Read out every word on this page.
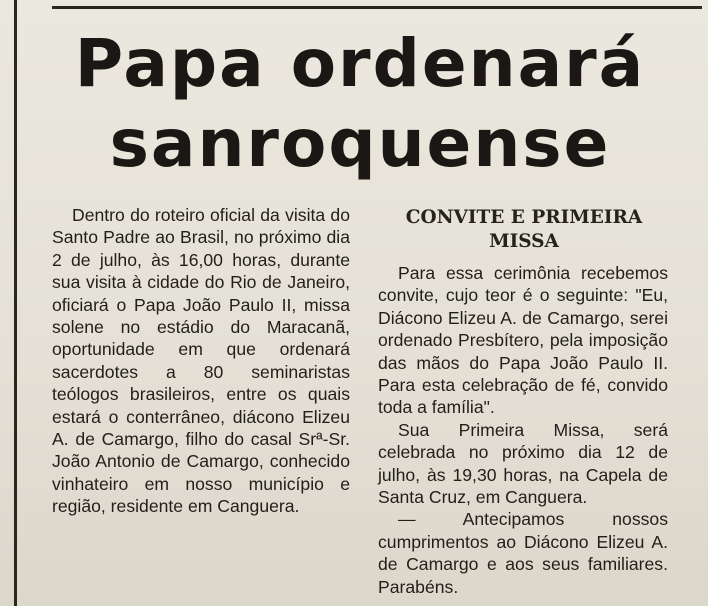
Papa ordenará sanroquense

Dentro do roteiro oficial da visita do Santo Padre ao Brasil, no próximo dia 2 de julho, às 16,00 horas, durante sua visita à cidade do Rio de Janeiro, oficiará o Papa João Paulo II, missa solene no estádio do Maracanã, oportunidade em que ordenará sacerdotes a 80 seminaristas teólogos brasileiros, entre os quais estará o conterrâneo, diácono Elizeu A. de Camargo, filho do casal Srª-Sr. João Antonio de Camargo, conhecido vinhateiro em nosso município e região, residente em Canguera.

CONVITE E PRIMEIRA MISSA

Para essa cerimônia recebemos convite, cujo teor é o seguinte: "Eu, Diácono Elizeu A. de Camargo, serei ordenado Presbítero, pela imposição das mãos do Papa João Paulo II. Para esta celebração de fé, convido toda a família".

Sua Primeira Missa, será celebrada no próximo dia 12 de julho, às 19,30 horas, na Capela de Santa Cruz, em Canguera.

— Antecipamos nossos cumprimentos ao Diácono Elizeu A. de Camargo e aos seus familiares. Parabéns.
